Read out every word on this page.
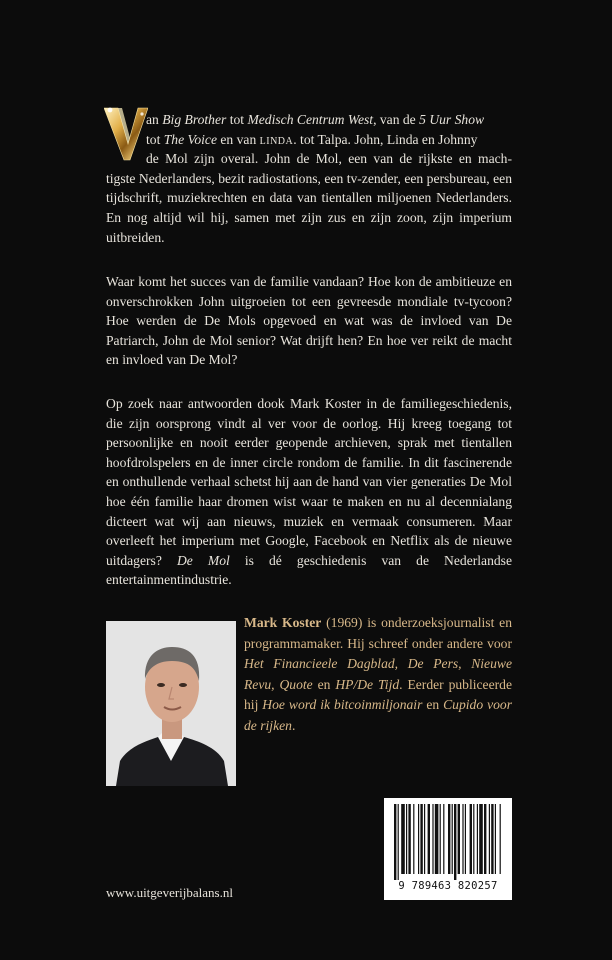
an Big Brother tot Medisch Centrum West, van de 5 Uur Show
tot The Voice en van linda. tot Talpa. John, Linda en Johnny
de Mol zijn overal. John de Mol, een van de rijkste en mach-
tigste Nederlanders, bezit radiostations, een tv-zender, een persbureau, een tijdschrift, muziekrechten en data van tientallen miljoenen Nederlanders. En nog altijd wil hij, samen met zijn zus en zijn zoon, zijn imperium uitbreiden.

Waar komt het succes van de familie vandaan? Hoe kon de ambitieuze en onverschrokken John uitgroeien tot een gevreesde mondiale tv-tycoon? Hoe werden de De Mols opgevoed en wat was de invloed van De Patriarch, John de Mol senior? Wat drijft hen? En hoe ver reikt de macht en invloed van De Mol?

Op zoek naar antwoorden dook Mark Koster in de familiegeschiedenis, die zijn oorsprong vindt al ver voor de oorlog. Hij kreeg toegang tot persoonlijke en nooit eerder geopende archieven, sprak met tientallen hoofdrolspelers en de inner circle rondom de familie. In dit fascinerende en onthullende verhaal schetst hij aan de hand van vier generaties De Mol hoe één familie haar dromen wist waar te maken en nu al decennialang dicteert wat wij aan nieuws, muziek en vermaak consumeren. Maar overleeft het imperium met Google, Facebook en Netflix als de nieuwe uitdagers? De Mol is dé geschiedenis van de Nederlandse entertainmentindustrie.

Mark Koster (1969) is onderzoeksjournalist en programmamaker. Hij schreef onder andere voor Het Financieele Dagblad, De Pers, Nieuwe Revu, Quote en HP/De Tijd. Eerder publiceerde hij Hoe word ik bitcoinmiljonair en Cupido voor de rijken.
9 789463 820257
www.uitgeverijbalans.nl
